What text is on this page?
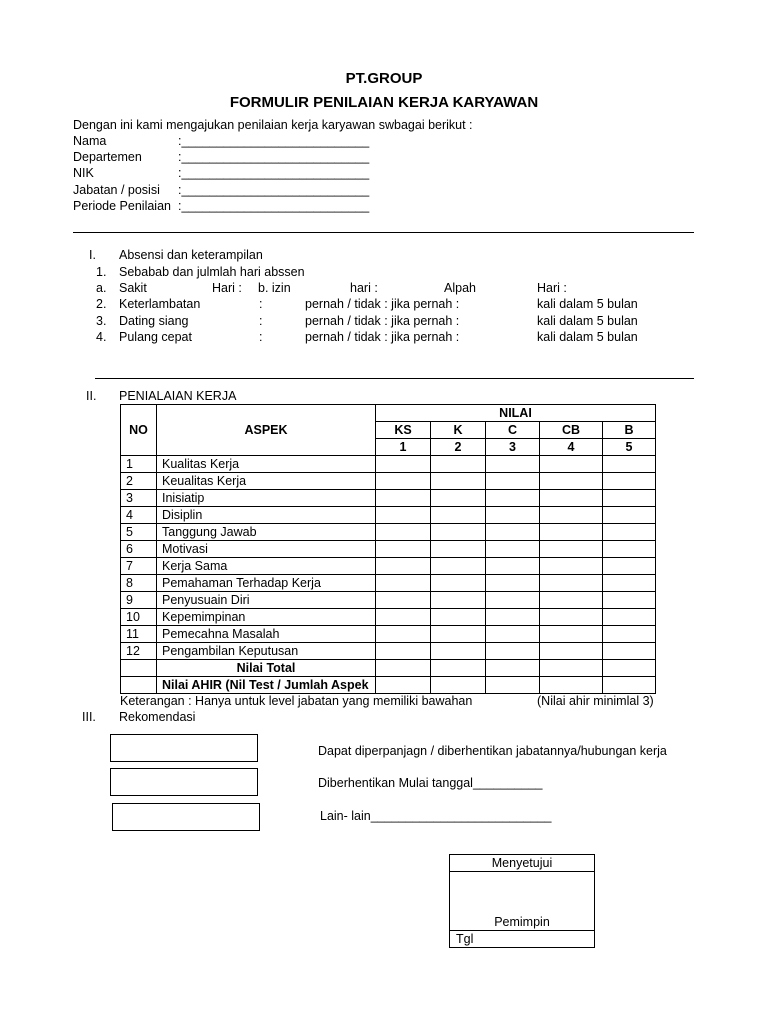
PT.GROUP
FORMULIR PENILAIAN KERJA KARYAWAN
Dengan ini kami mengajukan penilaian kerja karyawan swbagai berikut :
Nama	:___________________________
Departemen	:___________________________
NIK	:___________________________
Jabatan / posisi :___________________________
Periode Penilaian :___________________________
I. Absensi dan keterampilan
1. Sebabab dan julmlah hari abssen
a. Sakit	Hari : b. izin	hari :	Alpah	Hari :
2. Keterlambatan	:	pernah / tidak : jika pernah :	kali dalam 5 bulan
3. Dating siang	:	pernah / tidak : jika pernah :	kali dalam 5 bulan
4. Pulang cepat	:	pernah / tidak : jika pernah :	kali dalam 5 bulan
II. PENIALAIAN KERJA
NO	ASPEK	NILAI				
		KS	K	C	CB	B
		1	2	3	4	5
1	Kualitas Kerja					
2	Keualitas Kerja					
3	Inisiatip					
4	Disiplin					
5	Tanggung Jawab					
6	Motivasi					
7	Kerja Sama					
8	Pemahaman Terhadap Kerja					
9	Penyusuain Diri					
10	Kepemimpinan					
11	Pemecahna Masalah					
12	Pengambilan Keputusan					
	Nilai Total					
	Nilai AHIR (Nil Test / Jumlah Aspek					
Keterangan : Hanya untuk level jabatan yang memiliki bawahan	(Nilai ahir minimlal 3)
III. Rekomendasi
Dapat diperpanjagn / diberhentikan jabatannya/hubungan kerja
Diberhentikan Mulai tanggal__________
Lain- lain__________________________
Menyetujui

Pemimpin
Tgl
